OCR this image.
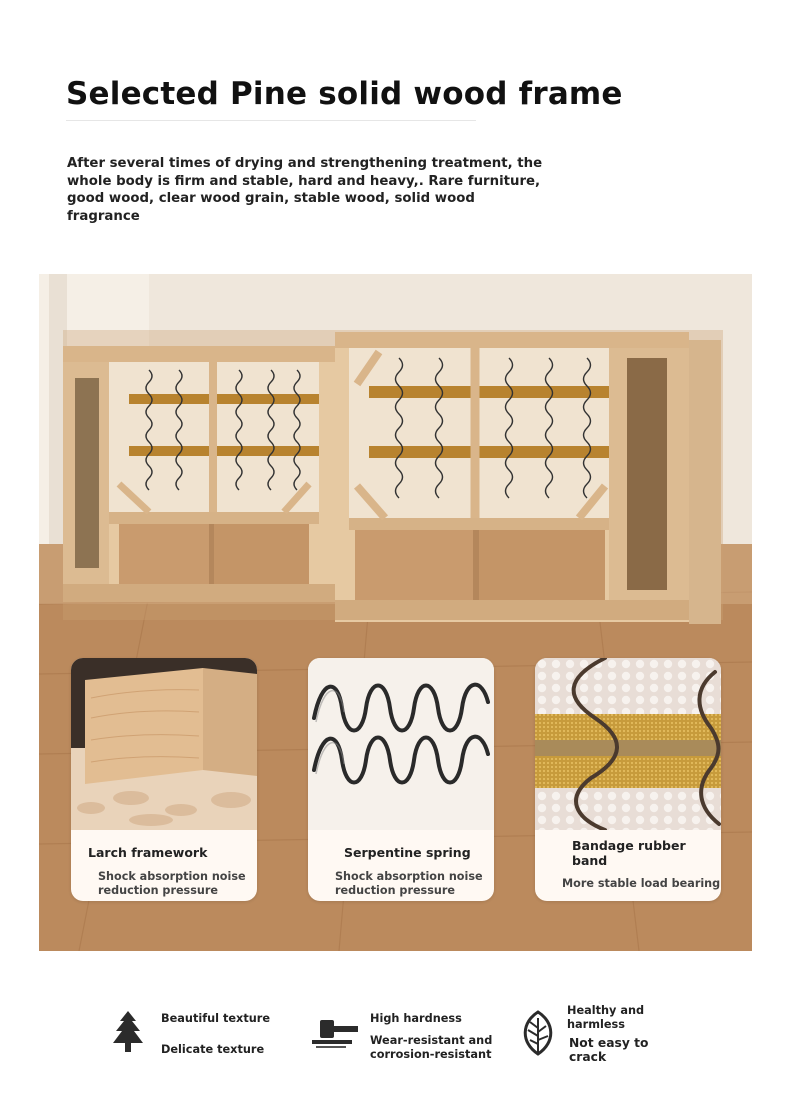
Selected Pine solid wood frame
After several times of drying and strengthening treatment, the whole body is firm and stable, hard and heavy,. Rare furniture, good wood, clear wood grain, stable wood, solid wood fragrance
Larch framework
Shock absorption noise reduction pressure
Serpentine spring
Shock absorption noise reduction pressure
Bandage rubber band
More stable load bearing
Beautiful texture
Delicate texture
High hardness
Wear-resistant and corrosion-resistant
Healthy and harmless
Not easy to crack
